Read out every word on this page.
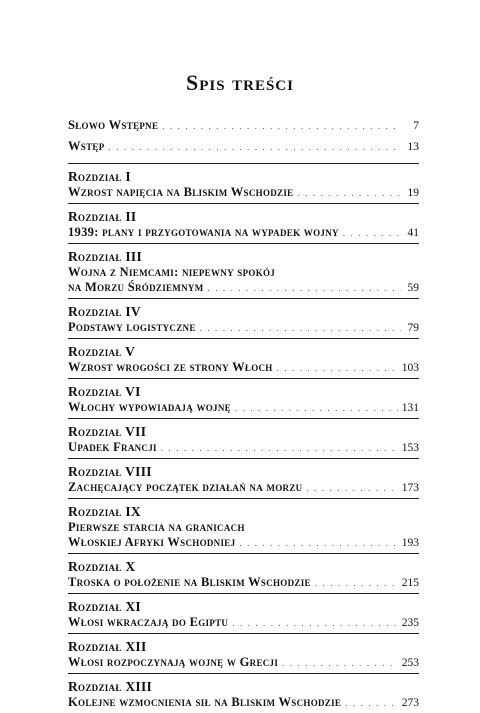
Spis treści
Słowo Wstępne . . .	7
Wstęp . . .	13
Rozdział I
Wzrost napięcia na Bliskim Wschodzie . . .	19
Rozdział II
1939: plany i przygotowania na wypadek wojny . . .	41
Rozdział III
Wojna z Niemcami: niepewny spokój
na Morzu Śródziemnym . . .	59
Rozdział IV
Podstawy logistyczne . . .	79
Rozdział V
Wzrost wrogości ze strony Włoch . . .	103
Rozdział VI
Włochy wypowiadają wojnę . . .	131
Rozdział VII
Upadek Francji . . .	153
Rozdział VIII
Zachęcający początek działań na morzu . . .	173
Rozdział IX
Pierwsze starcia na granicach
Włoskiej Afryki Wschodniej . . .	193
Rozdział X
Troska o położenie na Bliskim Wschodzie . . .	215
Rozdział XI
Włosi wkraczają do Egiptu . . .	235
Rozdział XII
Włosi rozpoczynają wojnę w Grecji . . .	253
Rozdział XIII
Kolejne wzmocnienia sił na Bliskim Wschodzie . . .	273
